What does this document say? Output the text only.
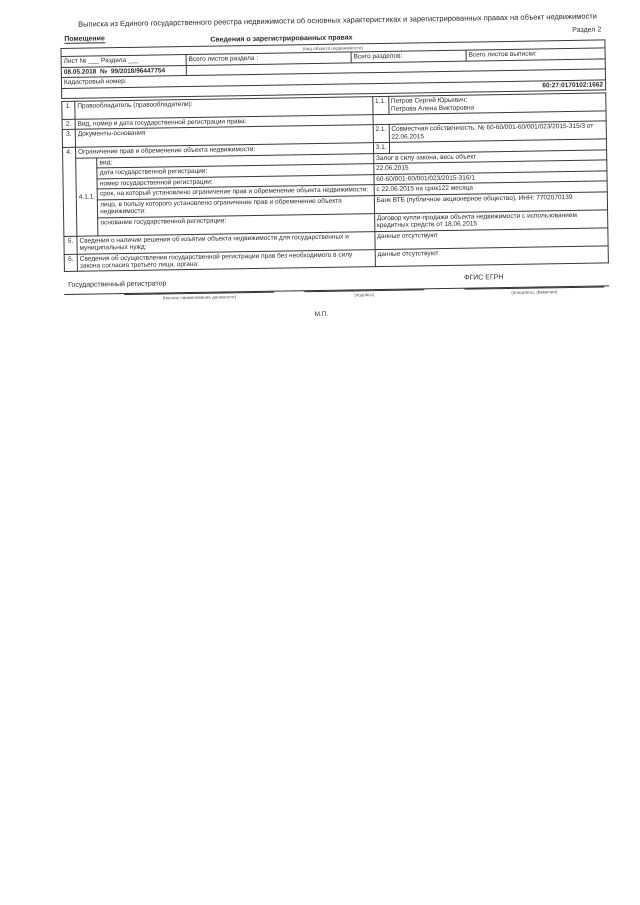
Выписка из Единого государственного реестра недвижимости об основных характеристиках и зарегистрированных правах на объект недвижимости
Помещение
Раздел 2
Сведения о зарегистрированных правах
(вид объекта недвижимости)			
Лист № ___ Раздела ___	Всего листов раздела :	Всего разделов:	Всего листов выписки:
08.05.2018 № 99/2018/96447754			
Кадастровый номер:			
60:27:0170102:1662			
1.	Правообладатель (правообладатели):		1.1.	Петров Сергей Юрьевич;
Петрова Алена Викторовна
2.	Вид, номер и дата государственной регистрации права:			
3.	Документы-основания		2.1.	Совместная собственность, № 60-60/001-60/001/023/2015-315/3 от 22.06.2015
4.	Ограничение прав и обременение объекта недвижимости:		3.1.	
	4.1.1.	вид:	Залог в силу закона, весь объект	
		дата государственной регистрации:	22.06.2015	
		номер государственной регистрации:	60-60/001-60/001/023/2015-316/1	
		срок, на который установлено ограничение прав и обременение объекта недвижимости:	с 22.06.2015 на срок122 месяца	
		лицо, в пользу которого установлено ограничение прав и обременение объекта недвижимости:	Банк ВТБ (публичное акционерное общество), ИНН: 7702070139	
		основание государственной регистрации:	Договор купли-продажи объекта недвижимости с использованием кредитных средств от 18.06.2015	
5.	Сведения о наличии решения об изъятии объекта недвижимости для государственных и муниципальных нужд:		данные отсутствуют	
6.	Сведения об осуществлении государственной регистрации прав без необходимого в силу закона согласия третьего лица, органа:		данные отсутствуют	
Государственный регистратор
ФГИС ЕГРН
(полное наименование должности)	(подпись)	(инициалы, фамилия)
М.П.
